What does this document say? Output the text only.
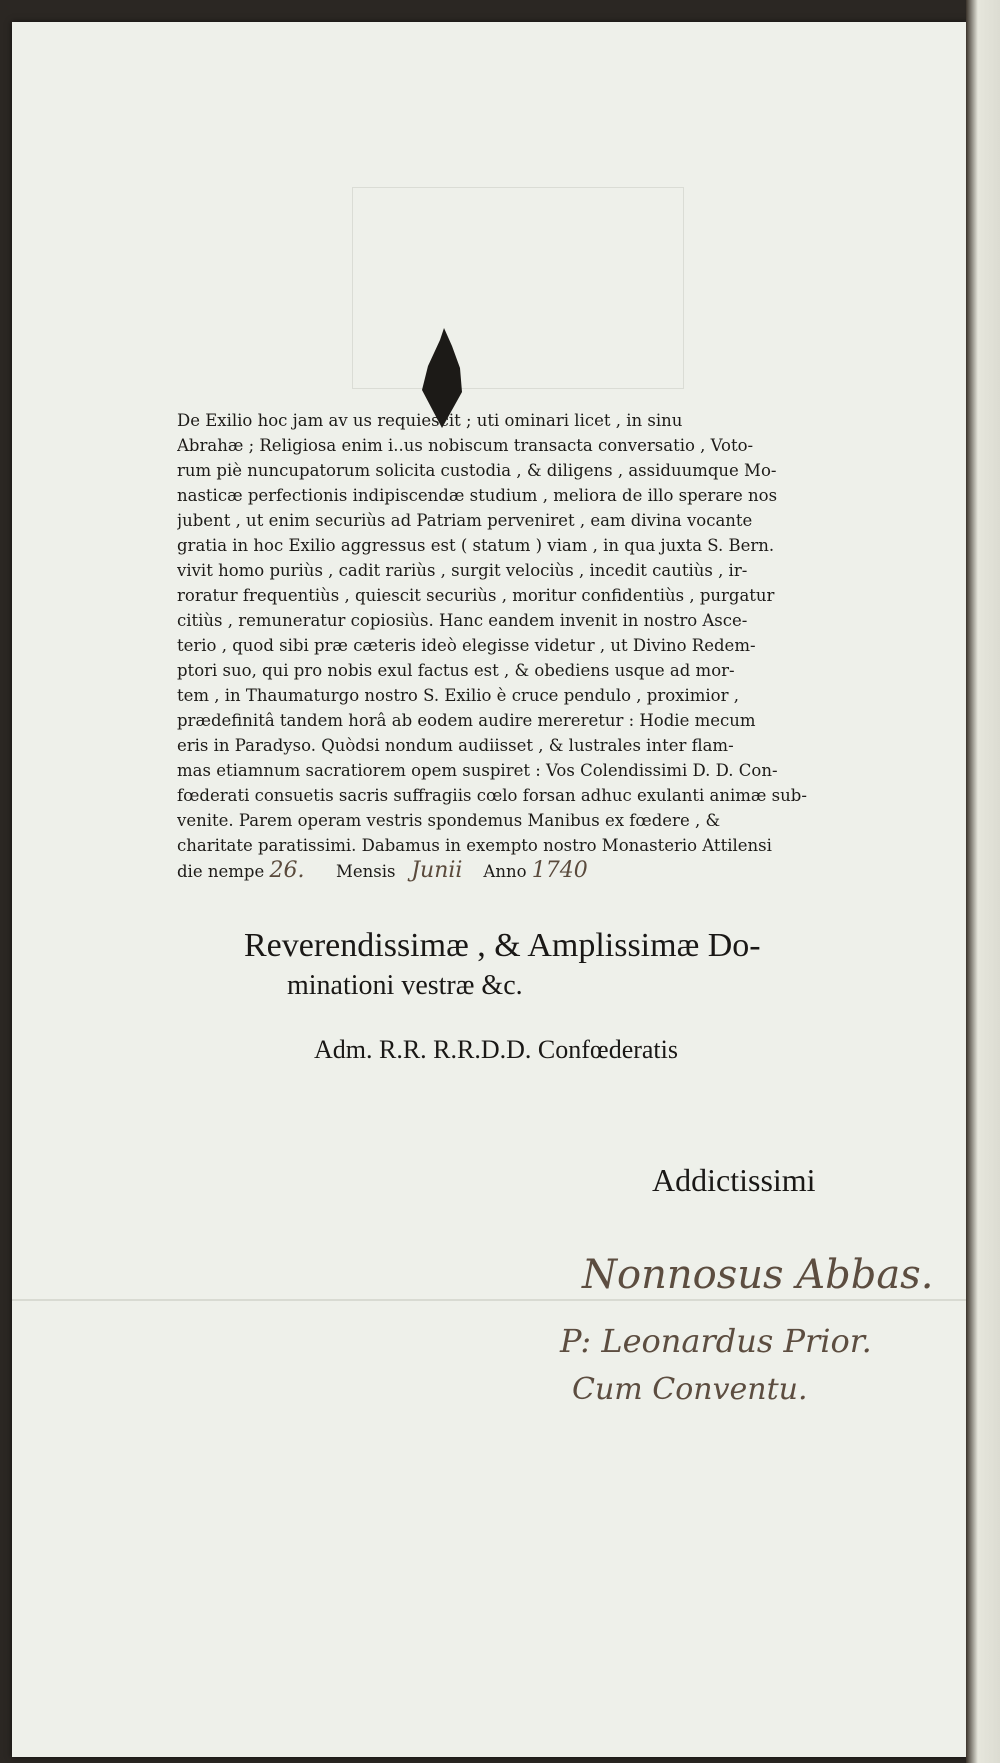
De Exilio hoc jam av us requiescit ; uti ominari licet , in sinu
Abrahæ ; Religiosa enim i..us nobiscum transacta conversatio , Voto-
rum piè nuncupatorum solicita custodia , & diligens , assiduumque Mo-
nasticæ perfectionis indipiscendæ studium , meliora de illo sperare nos
jubent , ut enim securiùs ad Patriam perveniret , eam divina vocante
gratia in hoc Exilio aggressus est ( statum ) viam , in qua juxta S. Bern.
vivit homo puriùs , cadit rariùs , surgit velociùs , incedit cautiùs , ir-
roratur frequentiùs , quiescit securiùs , moritur confidentiùs , purgatur
citiùs , remuneratur copiosiùs. Hanc eandem invenit in nostro Asce-
terio , quod sibi præ cæteris ideò elegisse videtur , ut Divino Redem-
ptori suo, qui pro nobis exul factus est , & obediens usque ad mor-
tem , in Thaumaturgo nostro S. Exilio è cruce pendulo , proximior ,
prædefinitâ tandem horâ ab eodem audire mereretur : Hodie mecum
eris in Paradyso. Quòdsi nondum audiisset , & lustrales inter flam-
mas etiamnum sacratiorem opem suspiret : Vos Colendissimi D. D. Con-
fœderati consuetis sacris suffragiis cœlo forsan adhuc exulanti animæ sub-
venite. Parem operam vestris spondemus Manibus ex fœdere , &
charitate paratissimi. Dabamus in exempto nostro Monasterio Attilensi
die nempe 26. Mensis Junii Anno 1740
Reverendissimæ , & Amplissimæ Do-
minationi vestræ &c.
Adm. R.R. R.R.D.D. Confœderatis
Addictissimi
Nonnosus Abbas.
P: Leonardus Prior.
Cum Conventu.
